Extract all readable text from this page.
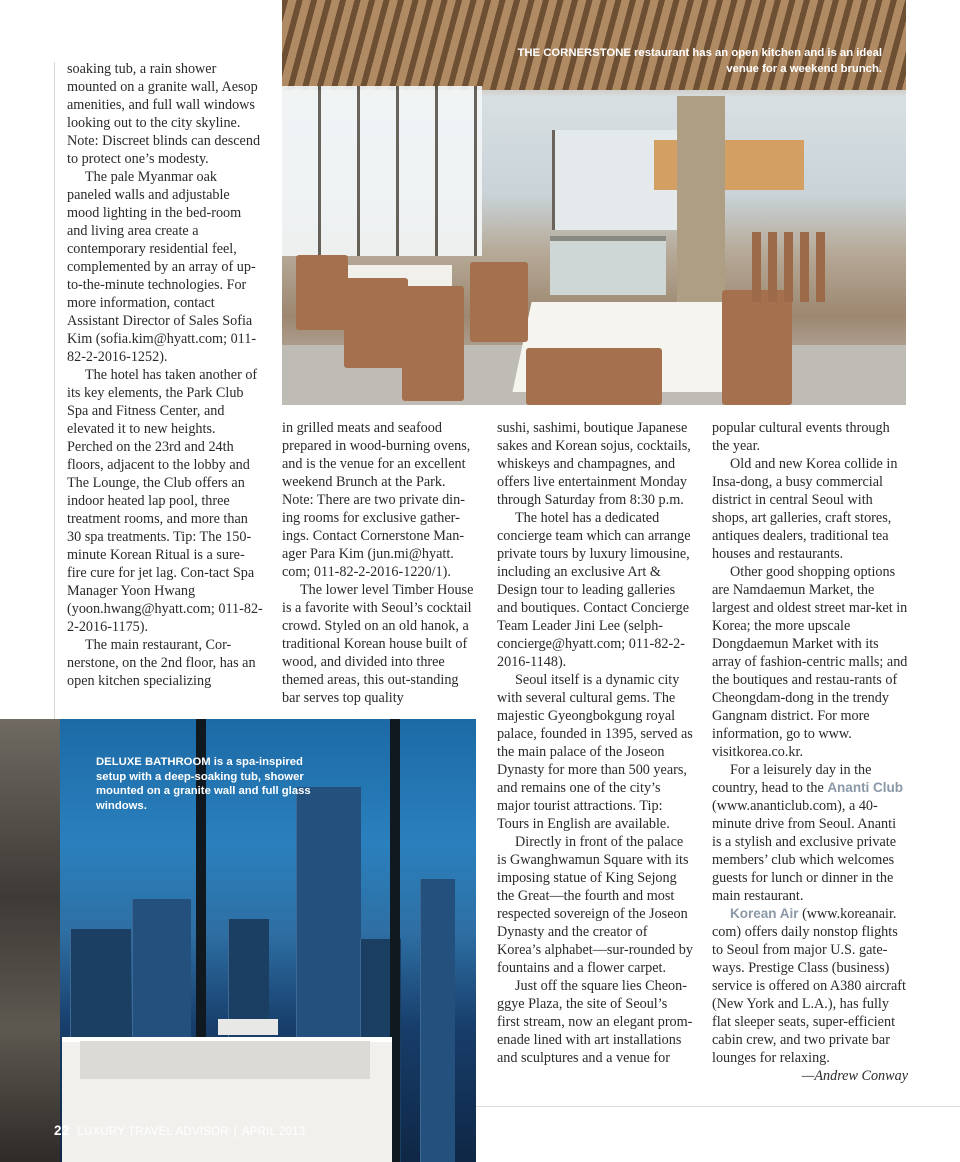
soaking tub, a rain shower mounted on a granite wall, Aesop amenities, and full wall windows looking out to the city skyline. Note: Discreet blinds can descend to protect one’s modesty.

The pale Myanmar oak paneled walls and adjustable mood lighting in the bed-room and living area create a contemporary residential feel, complemented by an array of up-to-the-minute technologies. For more information, contact Assistant Director of Sales Sofia Kim (sofia.kim@hyatt.com; 011-82-2-2016-1252).

The hotel has taken another of its key elements, the Park Club Spa and Fitness Center, and elevated it to new heights. Perched on the 23rd and 24th floors, adjacent to the lobby and The Lounge, the Club offers an indoor heated lap pool, three treatment rooms, and more than 30 spa treatments. Tip: The 150-minute Korean Ritual is a sure-fire cure for jet lag. Con-tact Spa Manager Yoon Hwang (yoon.hwang@hyatt.com; 011-82-2-2016-1175).

The main restaurant, Cor-nerstone, on the 2nd floor, has an open kitchen specializing

THE CORNERSTONE restaurant has an open kitchen and is an ideal venue for a weekend brunch.

in grilled meats and seafood prepared in wood-burning ovens, and is the venue for an excellent weekend Brunch at the Park. Note: There are two private din-ing rooms for exclusive gather-ings. Contact Cornerstone Man-ager Para Kim (jun.mi@hyatt. com; 011-82-2-2016-1220/1).

The lower level Timber House is a favorite with Seoul’s cocktail crowd. Styled on an old hanok, a traditional Korean house built of wood, and divided into three themed areas, this out-standing bar serves top quality

sushi, sashimi, boutique Japanese sakes and Korean sojus, cocktails, whiskeys and champagnes, and offers live entertainment Monday through Saturday from 8:30 p.m.

The hotel has a dedicated concierge team which can arrange private tours by luxury limousine, including an exclusive Art & Design tour to leading galleries and boutiques. Contact Concierge Team Leader Jini Lee (selph-concierge@hyatt.com; 011-82-2-2016-1148).

Seoul itself is a dynamic city with several cultural gems. The majestic Gyeongbokgung royal palace, founded in 1395, served as the main palace of the Joseon Dynasty for more than 500 years, and remains one of the city’s major tourist attractions. Tip: Tours in English are available.

Directly in front of the palace is Gwanghwamun Square with its imposing statue of King Sejong the Great—the fourth and most respected sovereign of the Joseon Dynasty and the creator of Korea’s alphabet—sur-rounded by fountains and a flower carpet.

Just off the square lies Cheon-ggye Plaza, the site of Seoul’s first stream, now an elegant prom-enade lined with art installations and sculptures and a venue for

popular cultural events through the year.

Old and new Korea collide in Insa-dong, a busy commercial district in central Seoul with shops, art galleries, craft stores, antiques dealers, traditional tea houses and restaurants.

Other good shopping options are Namdaemun Market, the largest and oldest street mar-ket in Korea; the more upscale Dongdaemun Market with its array of fashion-centric malls; and the boutiques and restau-rants of Cheongdam-dong in the trendy Gangnam district. For more information, go to www. visitkorea.co.kr.

For a leisurely day in the country, head to the Ananti Club (www.ananticlub.com), a 40-minute drive from Seoul. Ananti is a stylish and exclusive private members’ club which welcomes guests for lunch or dinner in the main restaurant.

Korean Air (www.koreanair. com) offers daily nonstop flights to Seoul from major U.S. gate-ways. Prestige Class (business) service is offered on A380 aircraft (New York and L.A.), has fully flat sleeper seats, super-efficient cabin crew, and two private bar lounges for relaxing.

—Andrew Conway

DELUXE BATHROOM is a spa-inspired setup with a deep-soaking tub, shower mounted on a granite wall and full glass windows.
22 LUXURY TRAVEL ADVISOR | APRIL 2013
